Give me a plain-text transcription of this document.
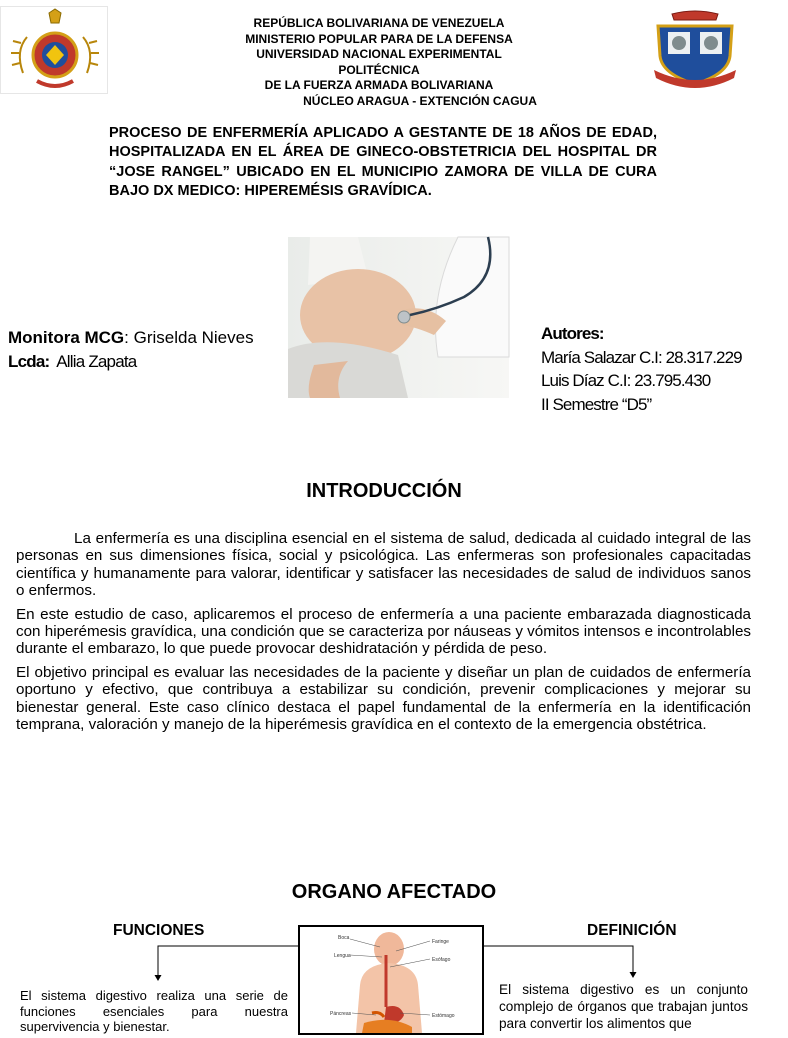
REPÚBLICA BOLIVARIANA DE VENEZUELA
MINISTERIO POPULAR PARA DE LA DEFENSA
UNIVERSIDAD NACIONAL EXPERIMENTAL
POLITÉCNICA
DE LA FUERZA ARMADA BOLIVARIANA
NÚCLEO ARAGUA - EXTENCIÓN CAGUA
PROCESO DE ENFERMERÍA APLICADO A GESTANTE DE 18 AÑOS DE EDAD, HOSPITALIZADA EN EL ÁREA DE GINECO-OBSTETRICIA DEL HOSPITAL DR “JOSE RANGEL” UBICADO EN EL MUNICIPIO ZAMORA DE VILLA DE CURA BAJO DX MEDICO: HIPEREMÉSIS GRAVÍDICA.
Monitora MCG: Griselda Nieves
Lcda: Allia Zapata
Autores:
María Salazar C.I: 28.317.229
Luis Díaz C.I: 23.795.430
II Semestre “D5”
INTRODUCCIÓN

La enfermería es una disciplina esencial en el sistema de salud, dedicada al cuidado integral de las personas en sus dimensiones física, social y psicológica. Las enfermeras son profesionales capacitadas científica y humanamente para valorar, identificar y satisfacer las necesidades de salud de individuos sanos o enfermos.

En este estudio de caso, aplicaremos el proceso de enfermería a una paciente embarazada diagnosticada con hiperémesis gravídica, una condición que se caracteriza por náuseas y vómitos intensos e incontrolables durante el embarazo, lo que puede provocar deshidratación y pérdida de peso.

El objetivo principal es evaluar las necesidades de la paciente y diseñar un plan de cuidados de enfermería oportuno y efectivo, que contribuya a estabilizar su condición, prevenir complicaciones y mejorar su bienestar general. Este caso clínico destaca el papel fundamental de la enfermería en la identificación temprana, valoración y manejo de la hiperémesis gravídica en el contexto de la emergencia obstétrica.

ORGANO AFECTADO
FUNCIONES	DEFINICIÓN
Boca
Faringe
Lengua
Esófago
Páncreas	Estómago
El sistema digestivo realiza una serie de funciones esenciales para nuestra supervivencia y bienestar.
El sistema digestivo es un conjunto complejo de órganos que trabajan juntos para convertir los alimentos que
